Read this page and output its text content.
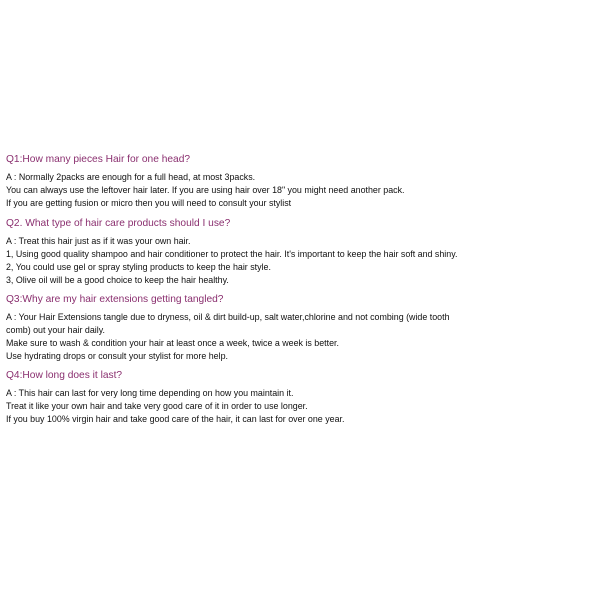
Q1:How many pieces Hair for one head?
A : Normally 2packs are enough for a full head, at most 3packs.
You can always use the leftover hair later. If you are using hair over 18" you might need another pack.
If you are getting fusion or micro then you will need to consult your stylist
Q2. What type of hair care products should I use?
A : Treat this hair just as if it was your own hair.
1, Using good quality shampoo and hair conditioner to protect the hair. It's important to keep the hair soft and shiny.
2, You could use gel or spray styling products to keep the hair style.
3, Olive oil will be a good choice to keep the hair healthy.
Q3:Why are my hair extensions getting tangled?
A : Your Hair Extensions tangle due to dryness, oil & dirt build-up, salt water,chlorine and not combing (wide tooth comb) out your hair daily.
Make sure to wash & condition your hair at least once a week, twice a week is better.
Use hydrating drops or consult your stylist for more help.
Q4:How long does it last?
A : This hair can last for very long time depending on how you maintain it.
Treat it like your own hair and take very good care of it in order to use longer.
If you buy 100% virgin hair and take good care of the hair, it can last for over one year.
